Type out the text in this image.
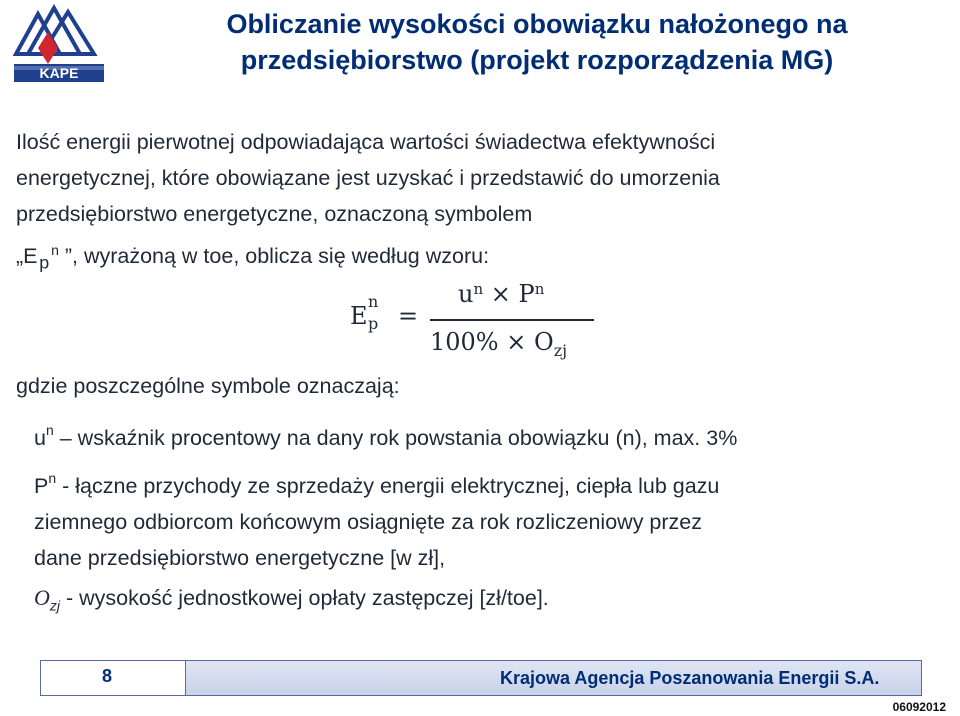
KAPE
Obliczanie wysokości obowiązku nałożonego na
przedsiębiorstwo (projekt rozporządzenia MG)

Ilość energii pierwotnej odpowiadająca wartości świadectwa efektywności
energetycznej, które obowiązane jest uzyskać i przedstawić do umorzenia
przedsiębiorstwo energetyczne, oznaczoną symbolem
„E  $_p$ $^n$ ”, wyrażoną w toe, oblicza się według wzoru:

E
n
p =
$u^n \times P^n$
$100\% \times O_{zj}$

gdzie poszczególne symbole oznaczają:

$u^n$ – wskaźnik procentowy na dany rok powstania obowiązku (n), max. 3%

$P^n$ - łączne przychody ze sprzedaży energii elektrycznej, ciepła lub gazu
ziemnego odbiorcom końcowym osiągnięte za rok rozliczeniowy przez
dane przedsiębiorstwo energetyczne [w zł],

$O_{zj}$ - wysokość jednostkowej opłaty zastępczej [zł/toe].

8	Krajowa Agencja Poszanowania Energii S.A.
06092012
